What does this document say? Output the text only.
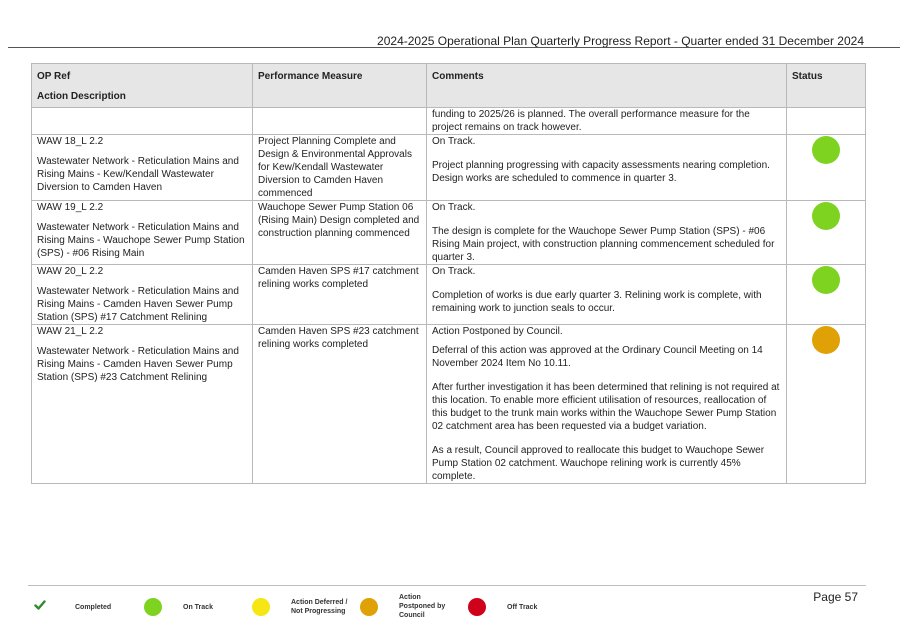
2024-2025 Operational Plan Quarterly Progress Report - Quarter ended 31 December 2024
OP Ref
Action Description	Performance Measure	Comments	Status
		funding to 2025/26 is planned. The overall performance measure for the project remains on track however.	

WAW 18_L 2.2
Wastewater Network - Reticulation Mains and Rising Mains - Kew/Kendall Wastewater Diversion to Camden Haven	Project Planning Complete and Design & Environmental Approvals for Kew/Kendall Wastewater Diversion to Camden Haven commenced	On Track.
Project planning progressing with capacity assessments nearing completion. Design works are scheduled to commence in quarter 3.	

WAW 19_L 2.2
Wastewater Network - Reticulation Mains and Rising Mains - Wauchope Sewer Pump Station (SPS) - #06 Rising Main	Wauchope Sewer Pump Station 06 (Rising Main) Design completed and construction planning commenced	On Track.
The design is complete for the Wauchope Sewer Pump Station (SPS) - #06 Rising Main project, with construction planning commencement scheduled for quarter 3.	

WAW 20_L 2.2
Wastewater Network - Reticulation Mains and Rising Mains - Camden Haven Sewer Pump Station (SPS) #17 Catchment Relining	Camden Haven SPS #17 catchment relining works completed	On Track.
Completion of works is due early quarter 3. Relining work is complete, with remaining work to junction seals to occur.	

WAW 21_L 2.2
Wastewater Network - Reticulation Mains and Rising Mains - Camden Haven Sewer Pump Station (SPS) #23 Catchment Relining	Camden Haven SPS #23 catchment relining works completed	Action Postponed by Council.
Deferral of this action was approved at the Ordinary Council Meeting on 14 November 2024 Item No 10.11.
After further investigation it has been determined that relining is not required at this location. To enable more efficient utilisation of resources, reallocation of this budget to the trunk main works within the Wauchope Sewer Pump Station 02 catchment area has been requested via a budget variation.
As a result, Council approved to reallocate this budget to Wauchope Sewer Pump Station 02 catchment. Wauchope relining work is currently 45% complete.	

Completed	On Track
Action Deferred /
Not Progressing
Action
Postponed by
Council
Off Track
Page 57
